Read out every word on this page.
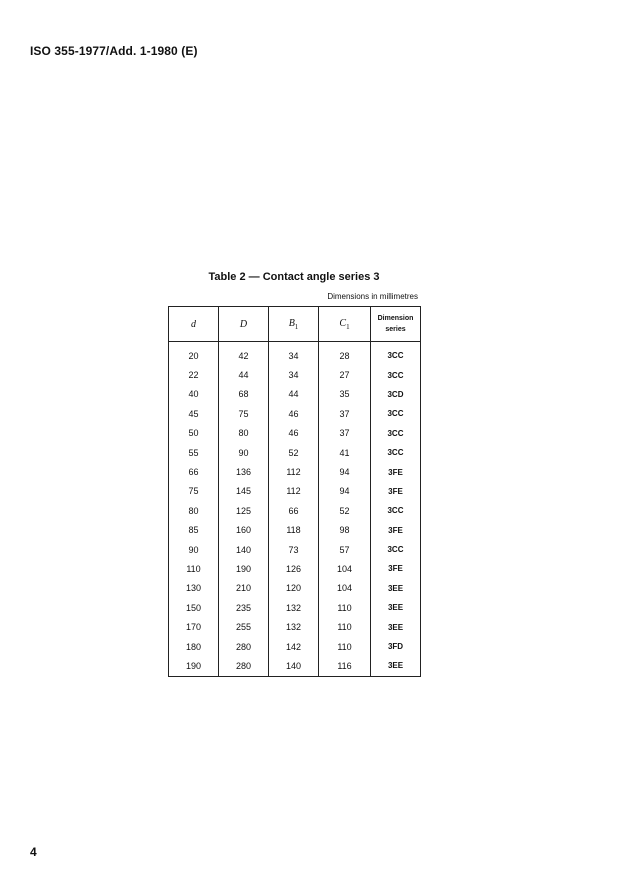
ISO 355-1977/Add. 1-1980 (E)
Table 2 — Contact angle series 3
Dimensions in millimetres
d	D	$B_1$	$C_1$	Dimension
series
20	42	34	28	3CC
22	44	34	27	3CC
40	68	44	35	3CD
45	75	46	37	3CC
50	80	46	37	3CC
55	90	52	41	3CC
66	136	112	94	3FE
75	145	112	94	3FE
80	125	66	52	3CC
85	160	118	98	3FE
90	140	73	57	3CC
110	190	126	104	3FE
130	210	120	104	3EE
150	235	132	110	3EE
170	255	132	110	3EE
180	280	142	110	3FD
190	280	140	116	3EE
4
